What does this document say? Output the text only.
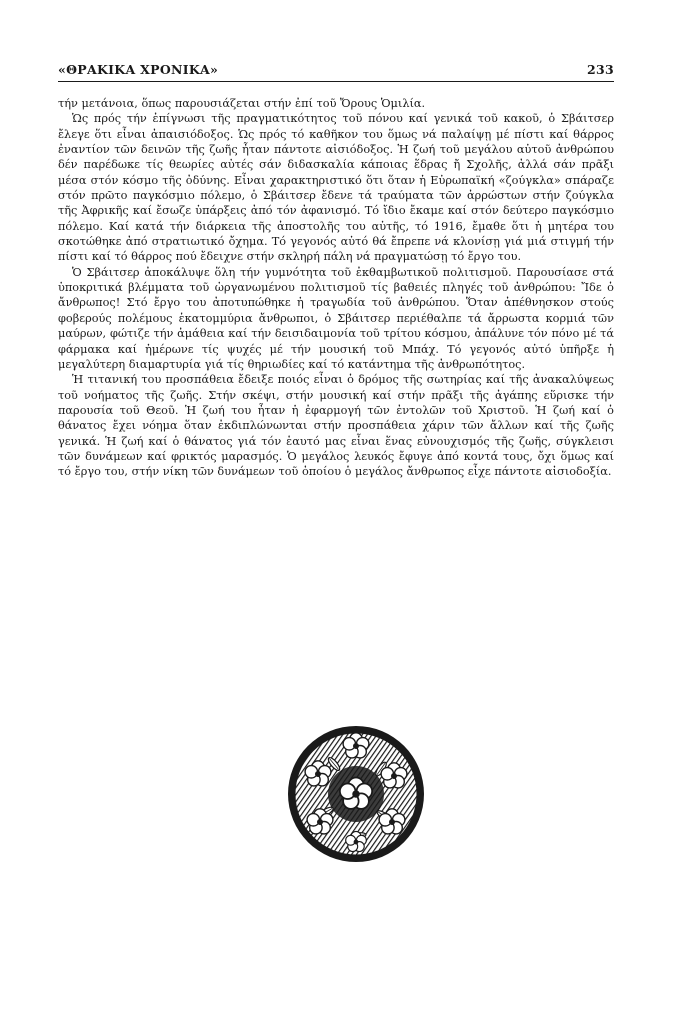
«ΘΡΑΚΙΚΑ ΧΡΟΝΙΚΑ»	233

τήν μετάνοια, ὅπως παρουσιάζεται στήν ἐπί τοῦ Ὄρους Ὁμιλία.

Ὡς πρός τήν ἐπίγνωσι τῆς πραγματικότητος τοῦ πόνου καί γενικά τοῦ κακοῦ, ὁ Σβάιτσερ ἔλεγε ὅτι εἶναι ἀπαισιόδοξος. Ὡς πρός τό καθῆκον του ὅμως νά παλαίψῃ μέ πίστι καί θάρρος ἐναντίον τῶν δεινῶν τῆς ζωῆς ἦταν πάντοτε αἰσιόδοξος. Ἡ ζωή τοῦ μεγάλου αὐτοῦ ἀνθρώπου δέν παρέδωκε τίς θεωρίες αὐτές σάν διδασκαλία κάποιας ἕδρας ἤ Σχολῆς, ἀλλά σάν πρᾶξι μέσα στόν κόσμο τῆς ὀδύνης. Εἶναι χαρακτηριστικό ὅτι ὅταν ἡ Εὐρωπαϊκή «ζούγκλα» σπάραζε στόν πρῶτο παγκόσμιο πόλεμο, ὁ Σβάιτσερ ἔδενε τά τραύματα τῶν ἀρρώστων στήν ζούγκλα τῆς Ἀφρικῆς καί ἔσωζε ὑπάρξεις ἀπό τόν ἀφανισμό. Τό ἴδιο ἔκαμε καί στόν δεύτερο παγκόσμιο πόλεμο. Καί κατά τήν διάρκεια τῆς ἀποστολῆς του αὐτῆς, τό 1916, ἔμαθε ὅτι ἡ μητέρα του σκοτώθηκε ἀπό στρατιωτικό ὄχημα. Τό γεγονός αὐτό θά ἔπρεπε νά κλονίσῃ γιά μιά στιγμή τήν πίστι καί τό θάρρος πού ἔδειχνε στήν σκληρή πάλη νά πραγματώσῃ τό ἔργο του.

Ὁ Σβάιτσερ ἀποκάλυψε ὅλη τήν γυμνότητα τοῦ ἐκθαμβωτικοῦ πολιτισμοῦ. Παρουσίασε στά ὑποκριτικά βλέμματα τοῦ ὡργανωμένου πολιτισμοῦ τίς βαθειές πληγές τοῦ ἀνθρώπου: Ἴδε ὁ ἄνθρωπος! Στό ἔργο του ἀποτυπώθηκε ἡ τραγωδία τοῦ ἀνθρώπου. Ὅταν ἀπέθνησκον στούς φοβερούς πολέμους ἑκατομμύρια ἄνθρωποι, ὁ Σβάιτσερ περιέθαλπε τά ἄρρωστα κορμιά τῶν μαύρων, φώτιζε τήν ἀμάθεια καί τήν δεισιδαιμονία τοῦ τρίτου κόσμου, ἀπάλυνε τόν πόνο μέ τά φάρμακα καί ἡμέρωνε τίς ψυχές μέ τήν μουσική τοῦ Μπάχ. Τό γεγονός αὐτό ὑπῆρξε ἡ μεγαλύτερη διαμαρτυρία γιά τίς θηριωδίες καί τό κατάντημα τῆς ἀνθρωπότητος.

Ἡ τιτανική του προσπάθεια ἔδειξε ποιός εἶναι ὁ δρόμος τῆς σωτηρίας καί τῆς ἀνακαλύψεως τοῦ νοήματος τῆς ζωῆς. Στήν σκέψι, στήν μουσική καί στήν πρᾶξι τῆς ἀγάπης εὕρισκε τήν παρουσία τοῦ Θεοῦ. Ἡ ζωή του ἦταν ἡ ἐφαρμογή τῶν ἐντολῶν τοῦ Χριστοῦ. Ἡ ζωή καί ὁ θάνατος ἔχει νόημα ὅταν ἐκδιπλώνωνται στήν προσπάθεια χάριν τῶν ἄλλων καί τῆς ζωῆς γενικά. Ἡ ζωή καί ὁ θάνατος γιά τόν ἑαυτό μας εἶναι ἕνας εὐνουχισμός τῆς ζωῆς, σύγκλεισι τῶν δυνάμεων καί φρικτός μαρασμός. Ὁ μεγάλος λευκός ἔφυγε ἀπό κοντά τους, ὄχι ὅμως καί τό ἔργο του, στήν νίκη τῶν δυνάμεων τοῦ ὁποίου ὁ μεγάλος ἄνθρωπος εἶχε πάντοτε αἰσιοδοξία.
